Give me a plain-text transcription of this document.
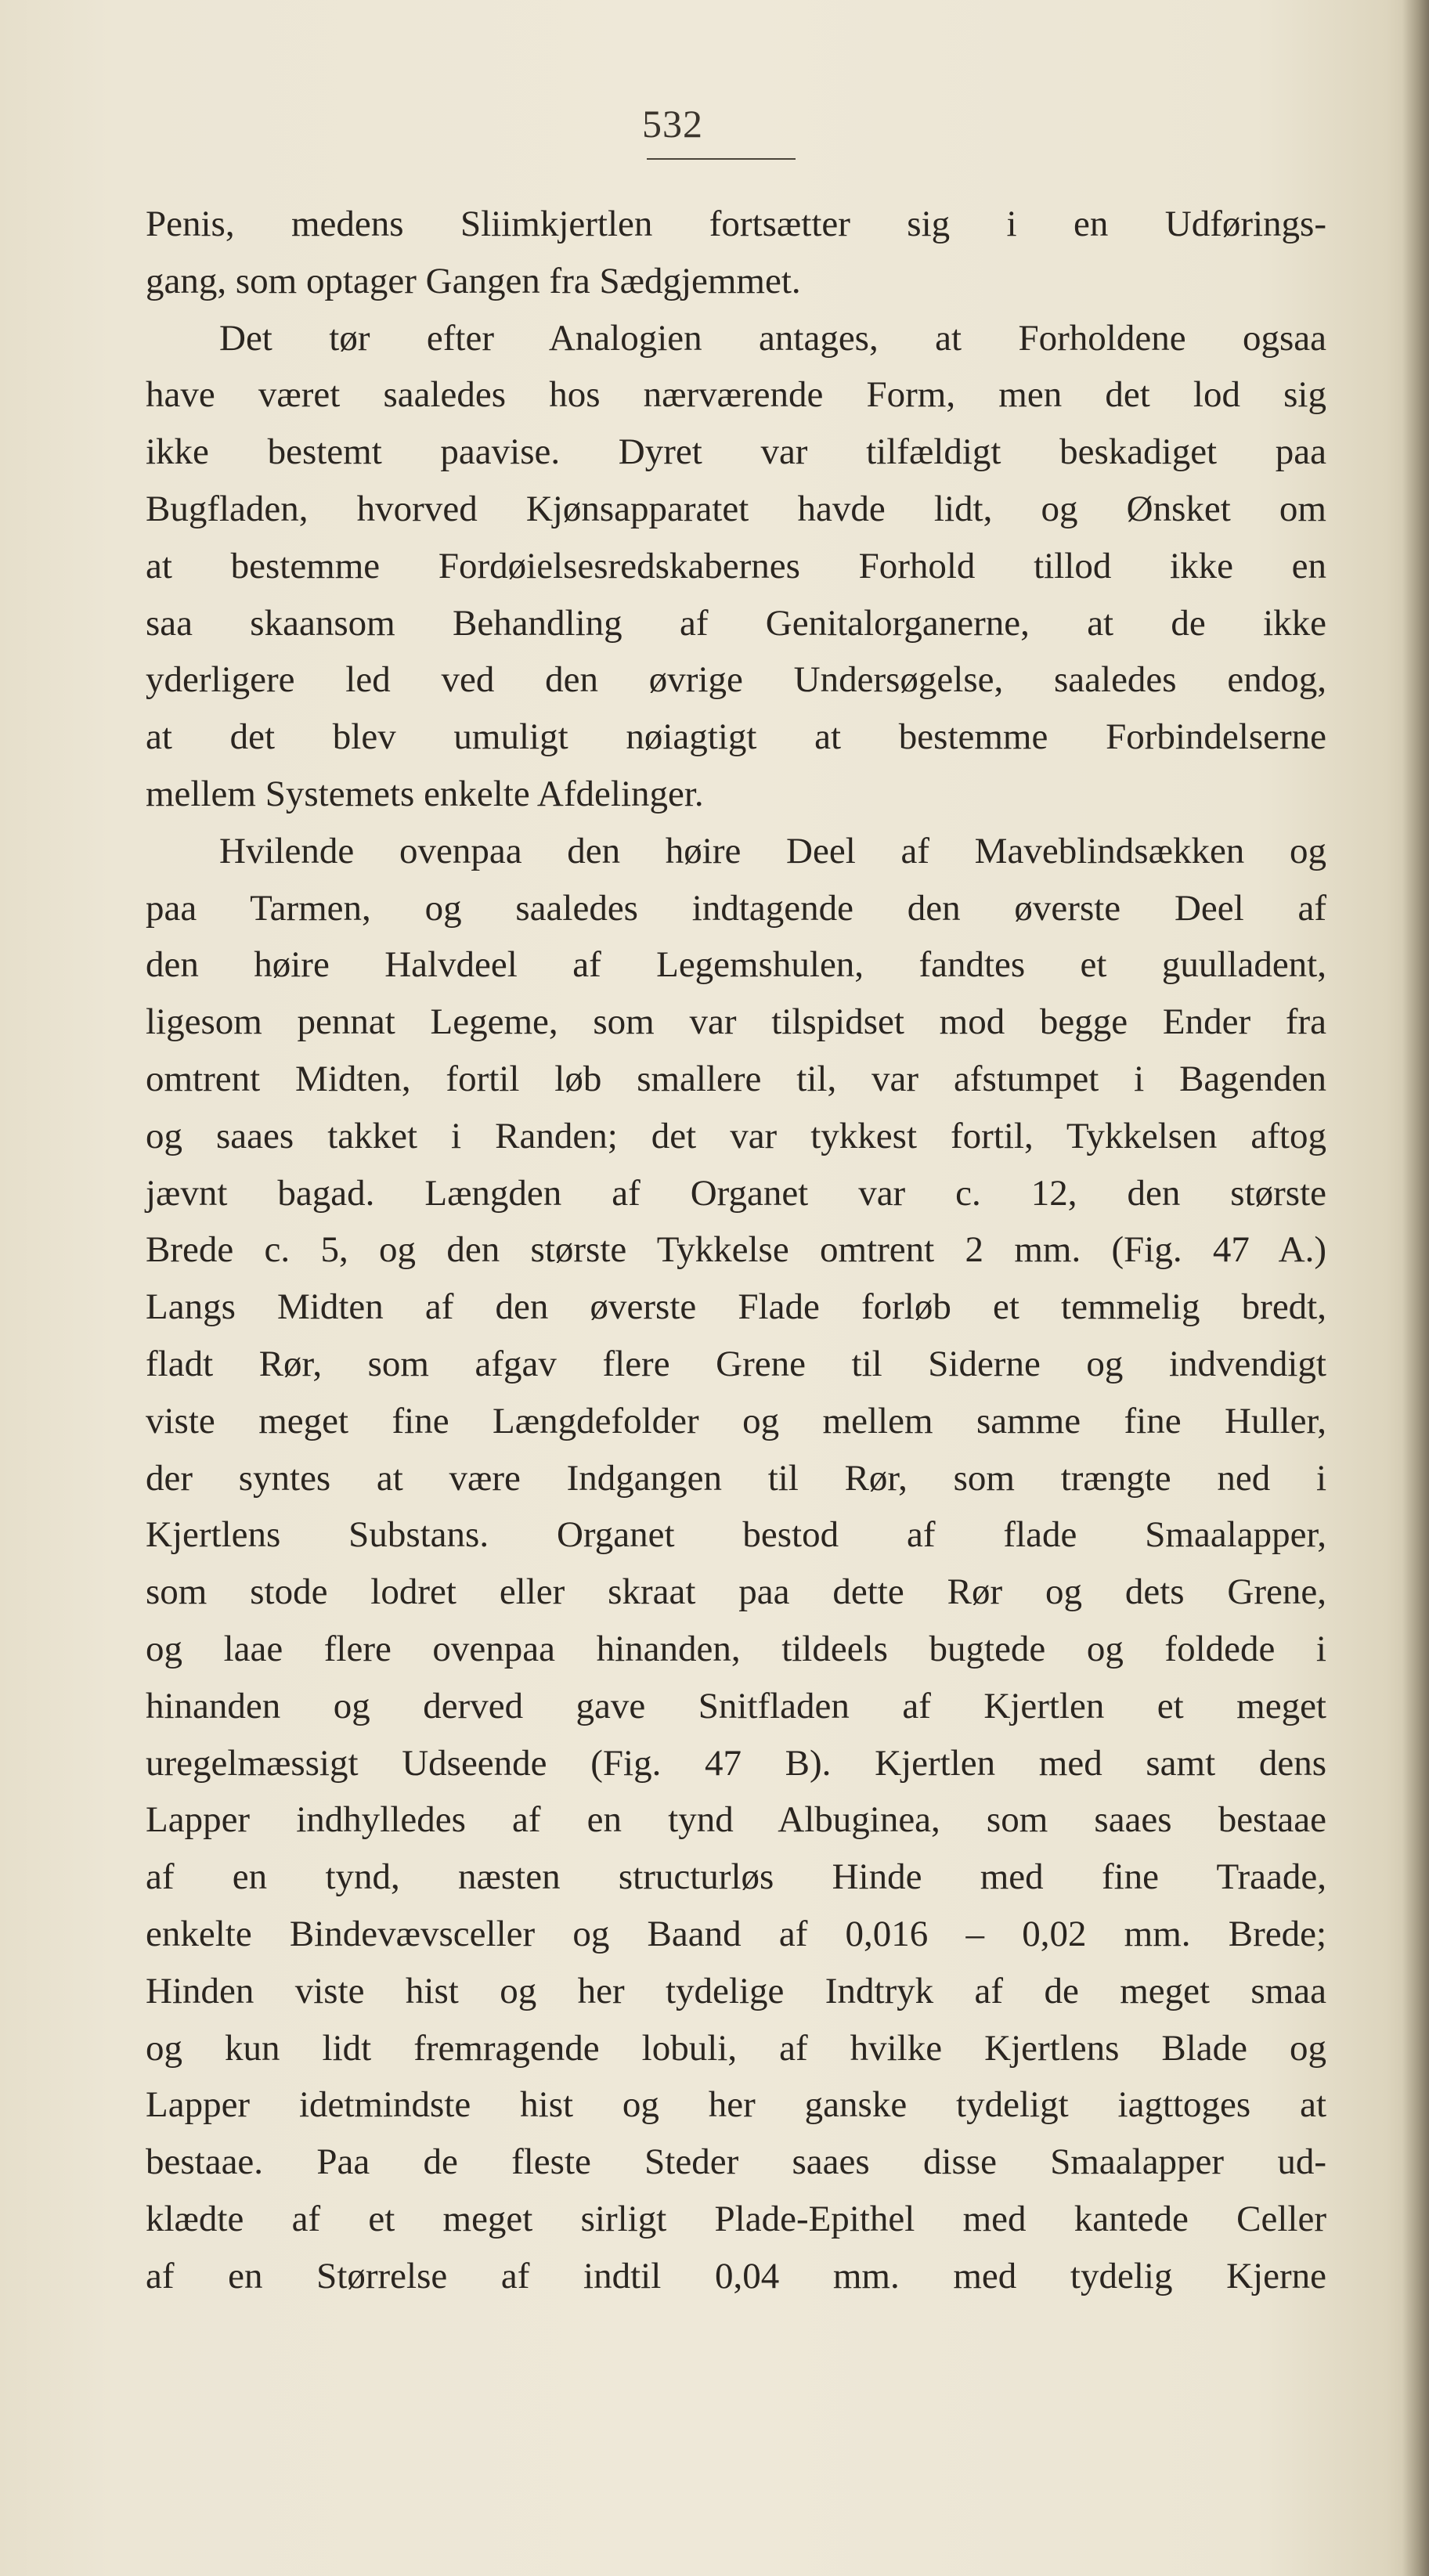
532
Penis, medens Sliimkjertlen fortsætter sig i en Udførings-
gang, som optager Gangen fra Sædgjemmet.
Det tør efter Analogien antages, at Forholdene ogsaa
have været saaledes hos nærværende Form, men det lod sig
ikke bestemt paavise. Dyret var tilfældigt beskadiget paa
Bugfladen, hvorved Kjønsapparatet havde lidt, og Ønsket om
at bestemme Fordøielsesredskabernes Forhold tillod ikke en
saa skaansom Behandling af Genitalorganerne, at de ikke
yderligere led ved den øvrige Undersøgelse, saaledes endog,
at det blev umuligt nøiagtigt at bestemme Forbindelserne
mellem Systemets enkelte Afdelinger.
Hvilende ovenpaa den høire Deel af Maveblindsækken og
paa Tarmen, og saaledes indtagende den øverste Deel af
den høire Halvdeel af Legemshulen, fandtes et guulladent,
ligesom pennat Legeme, som var tilspidset mod begge Ender fra
omtrent Midten, fortil løb smallere til, var afstumpet i Bagenden
og saaes takket i Randen; det var tykkest fortil, Tykkelsen aftog
jævnt bagad. Længden af Organet var c. 12, den største
Brede c. 5, og den største Tykkelse omtrent 2 mm. (Fig. 47 A.)
Langs Midten af den øverste Flade forløb et temmelig bredt,
fladt Rør, som afgav flere Grene til Siderne og indvendigt
viste meget fine Længdefolder og mellem samme fine Huller,
der syntes at være Indgangen til Rør, som trængte ned i
Kjertlens Substans. Organet bestod af flade Smaalapper,
som stode lodret eller skraat paa dette Rør og dets Grene,
og laae flere ovenpaa hinanden, tildeels bugtede og foldede i
hinanden og derved gave Snitfladen af Kjertlen et meget
uregelmæssigt Udseende (Fig. 47 B). Kjertlen med samt dens
Lapper indhylledes af en tynd Albuginea, som saaes bestaae
af en tynd, næsten structurløs Hinde med fine Traade,
enkelte Bindevævsceller og Baand af 0,016 – 0,02 mm. Brede;
Hinden viste hist og her tydelige Indtryk af de meget smaa
og kun lidt fremragende lobuli, af hvilke Kjertlens Blade og
Lapper idetmindste hist og her ganske tydeligt iagttoges at
bestaae. Paa de fleste Steder saaes disse Smaalapper ud-
klædte af et meget sirligt Plade-Epithel med kantede Celler
af en Størrelse af indtil 0,04 mm. med tydelig Kjerne
